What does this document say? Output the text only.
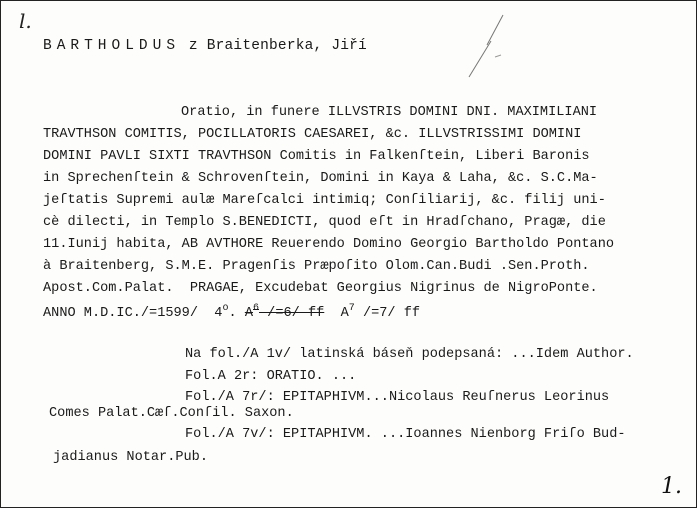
l.
BARTHOLDUS z Braitenberka, Jiří
Oratio, in funere ILLVSTRIS DOMINI DNI. MAXIMILIANI
TRAVTHSON COMITIS, POCILLATORIS CAESAREI, &c. ILLVSTRISSIMI DOMINI
DOMINI PAVLI SIXTI TRAVTHSON Comitis in Falkenſtein, Liberi Baronis
in Sprechenſtein & Schrovenſtein, Domini in Kaya & Laha, &c. S.C.Ma-
jeſtatis Supremi aulæ Mareſcalci intimiq; Conſiliarij, &c. filij uni-
cè dilecti, in Templo S.BENEDICTI, quod eſt in Hradſchano, Pragæ, die
11.Iunij habita, AB AVTHORE Reuerendo Domino Georgio Bartholdo Pontano
à Braitenberg, S.M.E. Pragenſis Præpoſito Olom.Can.Budi .Sen.Proth.
Apost.Com.Palat.  PRAGAE, Excudebat Georgius Nigrinus de NigroPonte.
ANNO M.D.IC./=1599/  4$^o$. $A^6$ /=6/ ff $A^7$ /=7/ ff
Na fol./A 1v/ latinská báseň podepsaná: ...Idem Author.
Fol.A 2r: ORATIO. ...
Fol./A 7r/: EPITAPHIVM...Nicolaus Reuſnerus Leorinus
Comes Palat.Cæſ.Conſil. Saxon.
Fol./A 7v/: EPITAPHIVM. ...Ioannes Nienborg Friſo Bud-
jadianus Notar.Pub.
1.
